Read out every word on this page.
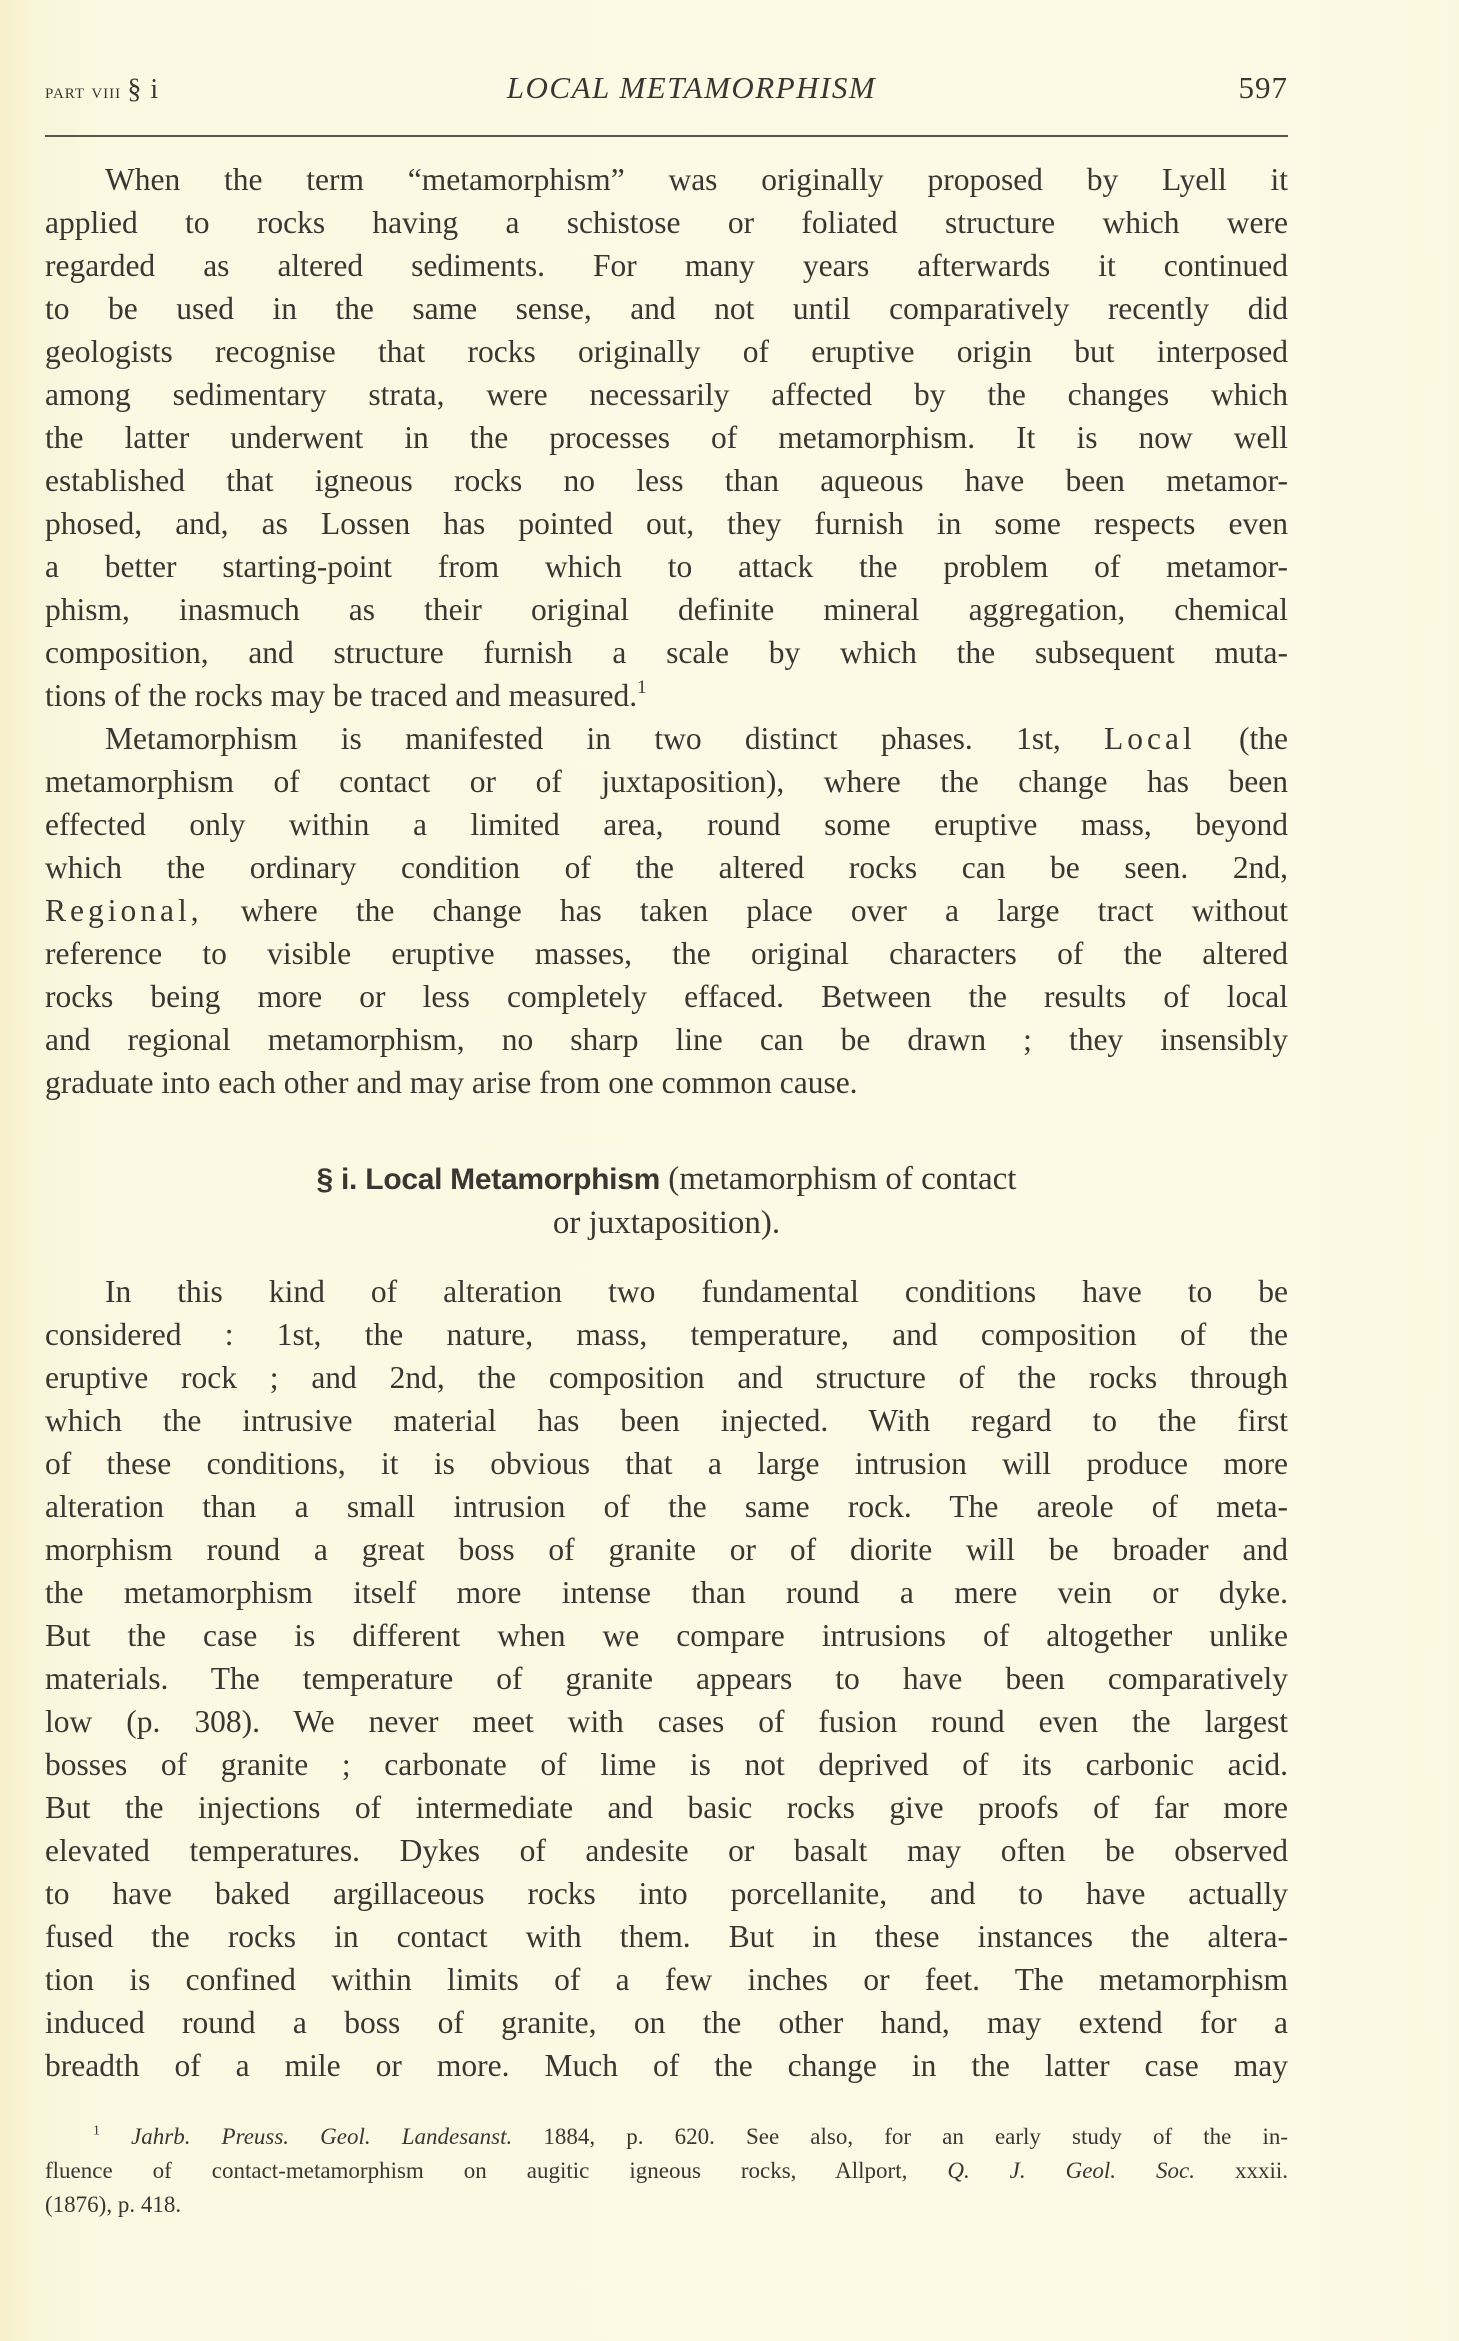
part viii § i	LOCAL METAMORPHISM	597
When the term “metamorphism” was originally proposed by Lyell it
applied to rocks having a schistose or foliated structure which were
regarded as altered sediments. For many years afterwards it continued
to be used in the same sense, and not until comparatively recently did
geologists recognise that rocks originally of eruptive origin but interposed
among sedimentary strata, were necessarily affected by the changes which
the latter underwent in the processes of metamorphism. It is now well
established that igneous rocks no less than aqueous have been metamor-
phosed, and, as Lossen has pointed out, they furnish in some respects even
a better starting-point from which to attack the problem of metamor-
phism, inasmuch as their original definite mineral aggregation, chemical
composition, and structure furnish a scale by which the subsequent muta-
tions of the rocks may be traced and measured.$^1$
Metamorphism is manifested in two distinct phases. 1st, Local (the
metamorphism of contact or of juxtaposition), where the change has been
effected only within a limited area, round some eruptive mass, beyond
which the ordinary condition of the altered rocks can be seen. 2nd,
Regional, where the change has taken place over a large tract without
reference to visible eruptive masses, the original characters of the altered
rocks being more or less completely effaced. Between the results of local
and regional metamorphism, no sharp line can be drawn ; they insensibly
graduate into each other and may arise from one common cause.
§ i. Local Metamorphism (metamorphism of contact
or juxtaposition).
In this kind of alteration two fundamental conditions have to be
considered : 1st, the nature, mass, temperature, and composition of the
eruptive rock ; and 2nd, the composition and structure of the rocks through
which the intrusive material has been injected. With regard to the first
of these conditions, it is obvious that a large intrusion will produce more
alteration than a small intrusion of the same rock. The areole of meta-
morphism round a great boss of granite or of diorite will be broader and
the metamorphism itself more intense than round a mere vein or dyke.
But the case is different when we compare intrusions of altogether unlike
materials. The temperature of granite appears to have been comparatively
low (p. 308). We never meet with cases of fusion round even the largest
bosses of granite ; carbonate of lime is not deprived of its carbonic acid.
But the injections of intermediate and basic rocks give proofs of far more
elevated temperatures. Dykes of andesite or basalt may often be observed
to have baked argillaceous rocks into porcellanite, and to have actually
fused the rocks in contact with them. But in these instances the altera-
tion is confined within limits of a few inches or feet. The metamorphism
induced round a boss of granite, on the other hand, may extend for a
breadth of a mile or more. Much of the change in the latter case may
$^1$ Jahrb. Preuss. Geol. Landesanst. 1884, p. 620. See also, for an early study of the in-
fluence of contact-metamorphism on augitic igneous rocks, Allport, Q. J. Geol. Soc. xxxii.
(1876), p. 418.
